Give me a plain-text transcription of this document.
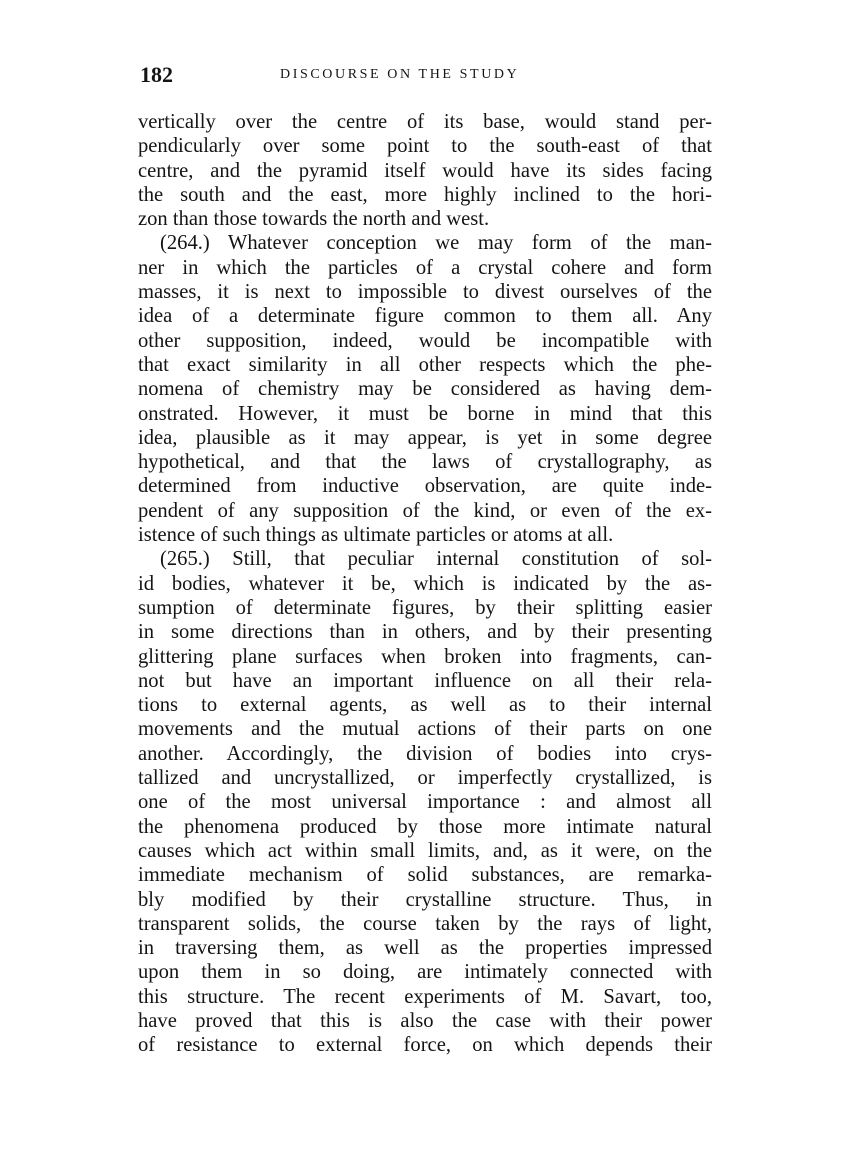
182	DISCOURSE ON THE STUDY
vertically over the centre of its base, would stand per-
pendicularly over some point to the south-east of that
centre, and the pyramid itself would have its sides facing
the south and the east, more highly inclined to the hori-
zon than those towards the north and west.
(264.) Whatever conception we may form of the man-
ner in which the particles of a crystal cohere and form
masses, it is next to impossible to divest ourselves of the
idea of a determinate figure common to them all. Any
other supposition, indeed, would be incompatible with
that exact similarity in all other respects which the phe-
nomena of chemistry may be considered as having dem-
onstrated. However, it must be borne in mind that this
idea, plausible as it may appear, is yet in some degree
hypothetical, and that the laws of crystallography, as
determined from inductive observation, are quite inde-
pendent of any supposition of the kind, or even of the ex-
istence of such things as ultimate particles or atoms at all.
(265.) Still, that peculiar internal constitution of sol-
id bodies, whatever it be, which is indicated by the as-
sumption of determinate figures, by their splitting easier
in some directions than in others, and by their presenting
glittering plane surfaces when broken into fragments, can-
not but have an important influence on all their rela-
tions to external agents, as well as to their internal
movements and the mutual actions of their parts on one
another. Accordingly, the division of bodies into crys-
tallized and uncrystallized, or imperfectly crystallized, is
one of the most universal importance : and almost all
the phenomena produced by those more intimate natural
causes which act within small limits, and, as it were, on the
immediate mechanism of solid substances, are remarka-
bly modified by their crystalline structure. Thus, in
transparent solids, the course taken by the rays of light,
in traversing them, as well as the properties impressed
upon them in so doing, are intimately connected with
this structure. The recent experiments of M. Savart, too,
have proved that this is also the case with their power
of resistance to external force, on which depends their
